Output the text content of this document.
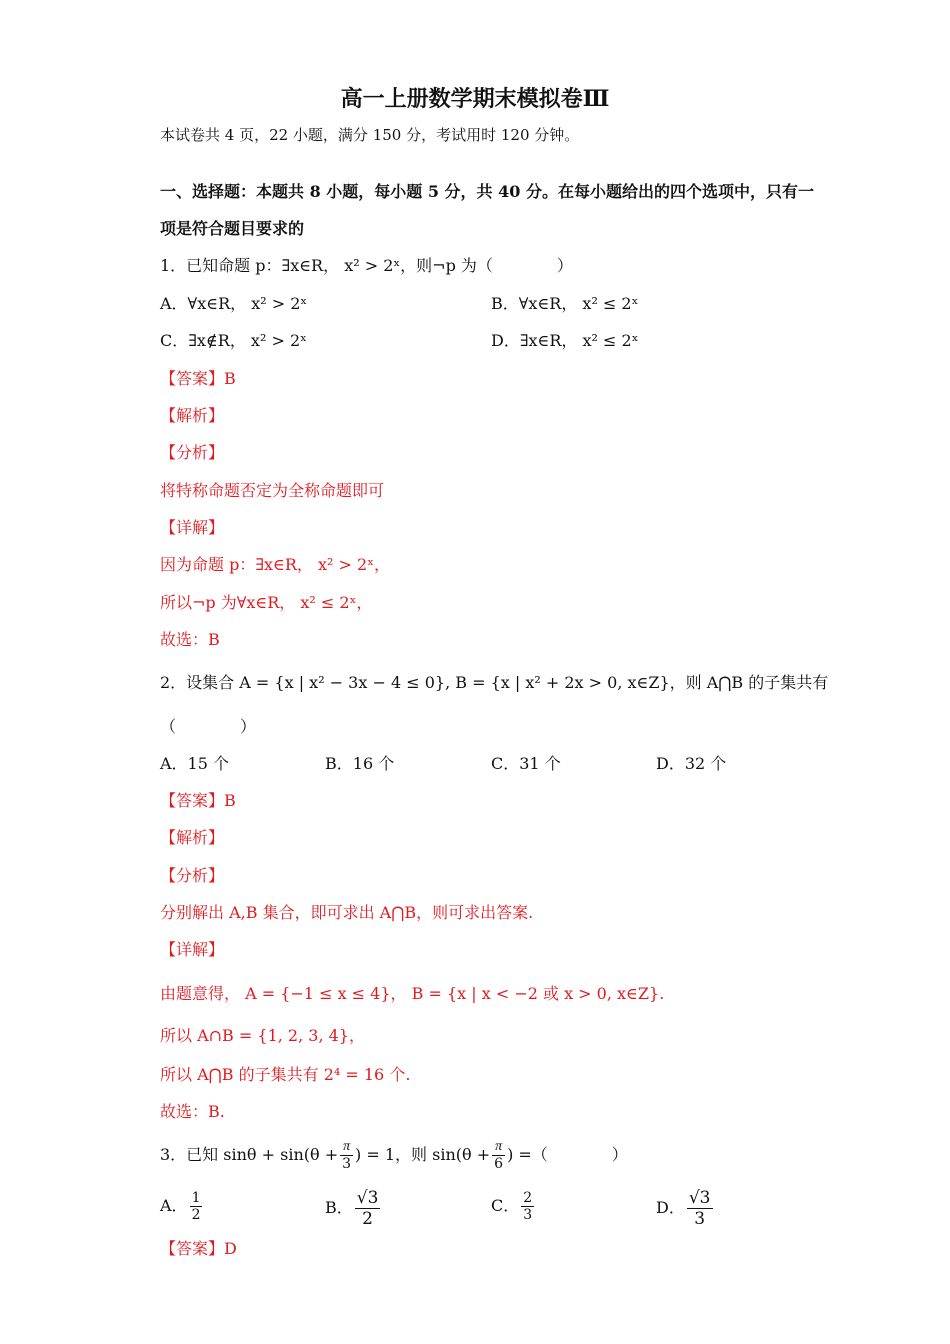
高一上册数学期末模拟卷Ⅲ
本试卷共 4 页，22 小题，满分 150 分，考试用时 120 分钟。
一、选择题：本题共 8 小题，每小题 5 分，共 40 分。在每小题给出的四个选项中，只有一
项是符合题目要求的
1．已知命题 p：∃x∈R， x² > 2ˣ，则¬p 为（　　　　）
A．∀x∈R， x² > 2ˣ	B．∀x∈R， x² ≤ 2ˣ
C．∃x∉R， x² > 2ˣ	D．∃x∈R， x² ≤ 2ˣ
【答案】B
【解析】
【分析】
将特称命题否定为全称命题即可
【详解】
因为命题 p：∃x∈R， x² > 2ˣ，
所以¬p 为∀x∈R， x² ≤ 2ˣ，
故选：B
2．设集合 A = {x | x² − 3x − 4 ≤ 0}, B = {x | x² + 2x > 0, x∈Z}，则 A⋂B 的子集共有
（　　　　）
A．15 个	B．16 个	C．31 个	D．32 个
【答案】B
【解析】
【分析】
分别解出 A,B 集合，即可求出 A⋂B，则可求出答案.
【详解】
由题意得， A = {−1 ≤ x ≤ 4}， B = {x | x < −2 或 x > 0, x∈Z}.
所以 A∩B = {1, 2, 3, 4}，
所以 A⋂B 的子集共有 2⁴ = 16 个.
故选：B.
3．已知 $\sin\theta + \sin(\theta + \frac{\pi}{3}$ ) = 1，则 $\sin(\theta + \frac{\pi}{6}$ ) =（　　　　）
A． $\frac{1}{2}$	B． $\frac{√3}{2}$	C． $\frac{2}{3}$	D． $\frac{√3}{3}$
【答案】D
